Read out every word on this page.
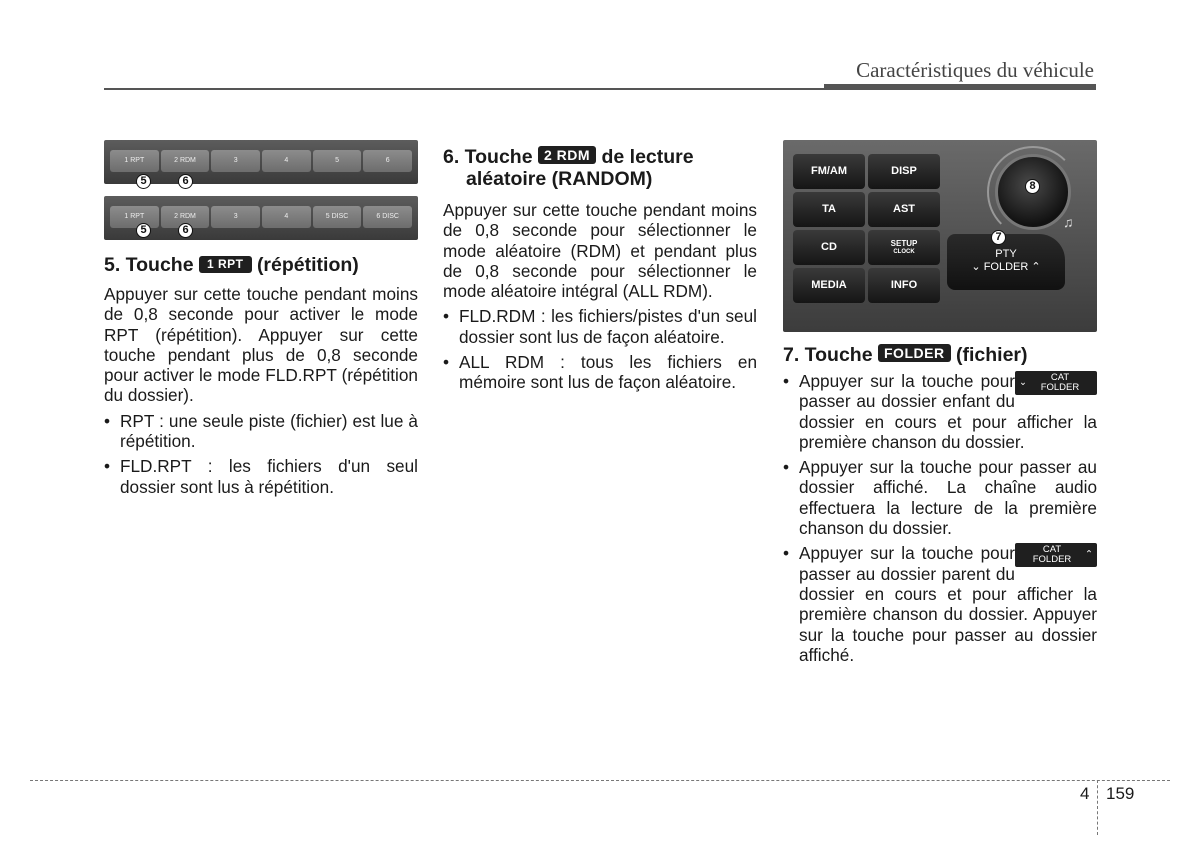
Caractéristiques du véhicule
1 RPT	2 RDM	3	4	5	6
5	6
1 RPT	2 RDM	3	4	5 DISC	6 DISC
5	6
5. Touche 1 RPT (répétition)

Appuyer sur cette touche pendant moins de 0,8 seconde pour activer le mode RPT (répétition). Appuyer sur cette touche pendant plus de 0,8 seconde pour activer le mode FLD.RPT (répétition du dossier).

• RPT : une seule piste (fichier) est lue à répétition.
• FLD.RPT : les fichiers d'un seul dossier sont lus à répétition.
6. Touche 2 RDM de lecture
aléatoire (RANDOM)

Appuyer sur cette touche pendant moins de 0,8 seconde pour sélectionner le mode aléatoire (RDM) et pendant plus de 0,8 seconde pour sélectionner le mode aléatoire intégral (ALL RDM).

• FLD.RDM : les fichiers/pistes d'un seul dossier sont lus de façon aléatoire.
• ALL RDM : tous les fichiers en mémoire sont lus de façon aléatoire.
FM/AM	DISP
TA	AST
CD	SETUP
CLOCK
MEDIA	INFO
8
♫
PTY
⌄ FOLDER ⌃
7
7. Touche FOLDER (fichier)
• Appuyer sur la touche	⌄	CAT
FOLDER
pour passer au dossier enfant du dossier en cours et pour afficher la première chanson du dossier.
• Appuyer sur la touche pour passer au dossier affiché. La chaîne audio effectuera la lecture de la première chanson du dossier.
• Appuyer sur la touche	CAT
FOLDER	⌃
pour passer au dossier parent du dossier en cours et pour afficher la première chanson du dossier. Appuyer sur la touche pour passer au dossier affiché.
4 159
